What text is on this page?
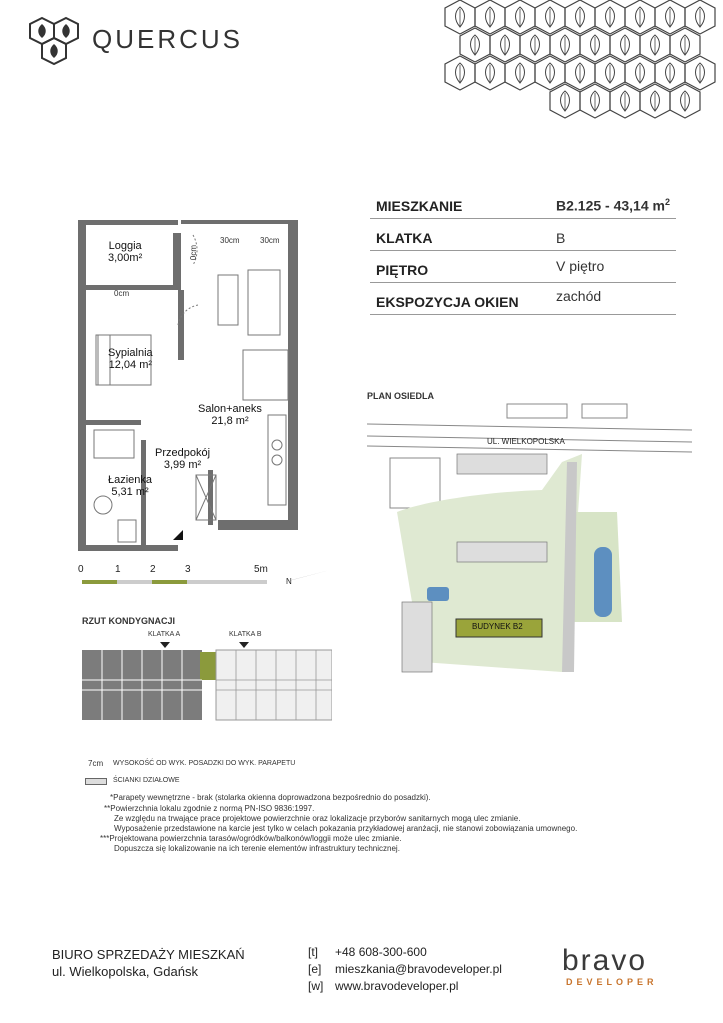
QUERCUS
MIESZKANIE	B2.125 - 43,14 $m^2$
KLATKA	B
PIĘTRO	V piętro
EKSPOZYCJA OKIEN	zachód
Loggia
3,00m²
Sypialnia
12,04 m²
Salon+aneks
21,8 m²
Przedpokój
3,99 m²
Łazienka
5,31 m²
30cm	30cm
0cm
0cm
0	1	2	3	5m
N
PLAN OSIEDLA
UL. WIELKOPOLSKA
BUDYNEK B2
RZUT KONDYGNACJI
KLATKA A	KLATKA B
7cm WYSOKOŚĆ OD WYK. POSADZKI DO WYK. PARAPETU
ŚCIANKI DZIAŁOWE
*Parapety wewnętrzne - brak (stolarka okienna doprowadzona bezpośrednio do posadzki).
**Powierzchnia lokalu zgodnie z normą PN-ISO 9836:1997.
Ze względu na trwające prace projektowe powierzchnie oraz lokalizacje przyborów sanitarnych mogą ulec zmianie.
Wyposażenie przedstawione na karcie jest tylko w celach pokazania przykładowej aranżacji, nie stanowi zobowiązania umownego.
***Projektowana powierzchnia tarasów/ogródków/balkonów/loggii może ulec zmianie.
Dopuszcza się lokalizowanie na ich terenie elementów infrastruktury technicznej.
BIURO SPRZEDAŻY MIESZKAŃ
ul. Wielkopolska, Gdańsk
[t] +48 608-300-600
[e] mieszkania@bravodeveloper.pl
[w] www.bravodeveloper.pl
bravo
DEVELOPER
